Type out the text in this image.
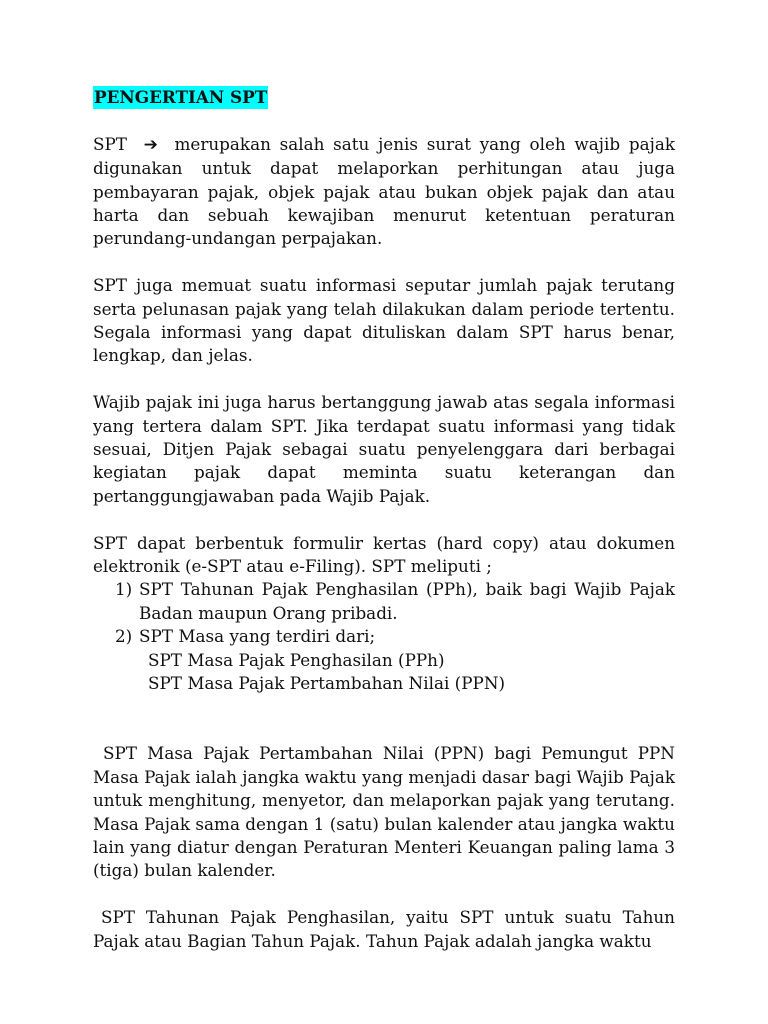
PENGERTIAN SPT

SPT ➔ merupakan salah satu jenis surat yang oleh wajib pajak digunakan untuk dapat melaporkan perhitungan atau juga pembayaran pajak, objek pajak atau bukan objek pajak dan atau harta dan sebuah kewajiban menurut ketentuan peraturan perundang-undangan perpajakan.

SPT juga memuat suatu informasi seputar jumlah pajak terutang serta pelunasan pajak yang telah dilakukan dalam periode tertentu. Segala informasi yang dapat dituliskan dalam SPT harus benar, lengkap, dan jelas.

Wajib pajak ini juga harus bertanggung jawab atas segala informasi yang tertera dalam SPT. Jika terdapat suatu informasi yang tidak sesuai, Ditjen Pajak sebagai suatu penyelenggara dari berbagai kegiatan pajak dapat meminta suatu keterangan dan pertanggungjawaban pada Wajib Pajak.

SPT dapat berbentuk formulir kertas (hard copy) atau dokumen elektronik (e-SPT atau e-Filing). SPT meliputi ;

1) SPT Tahunan Pajak Penghasilan (PPh), baik bagi Wajib Pajak Badan maupun Orang pribadi.
2) SPT Masa yang terdiri dari;
SPT Masa Pajak Penghasilan (PPh)
SPT Masa Pajak Pertambahan Nilai (PPN)

SPT Masa Pajak Pertambahan Nilai (PPN) bagi Pemungut PPN Masa Pajak ialah jangka waktu yang menjadi dasar bagi Wajib Pajak untuk menghitung, menyetor, dan melaporkan pajak yang terutang. Masa Pajak sama dengan 1 (satu) bulan kalender atau jangka waktu lain yang diatur dengan Peraturan Menteri Keuangan paling lama 3 (tiga) bulan kalender.

SPT Tahunan Pajak Penghasilan, yaitu SPT untuk suatu Tahun Pajak atau Bagian Tahun Pajak. Tahun Pajak adalah jangka waktu
